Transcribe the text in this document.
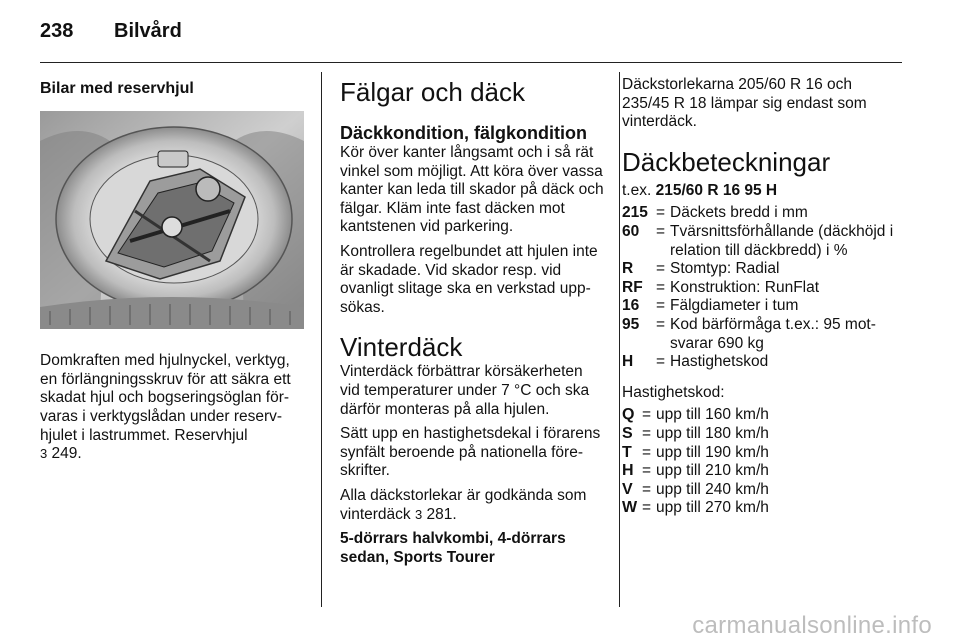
238 Bilvård
Bilar med reservhjul

Domkraften med hjulnyckel, verktyg, en förlängningsskruv för att säkra ett skadat hjul och bogseringsöglan förvaras i verktygslådan under reservhjulet i lastrummet. Reservhjul
3 249.

Fälgar och däck
Däckkondition, fälgkondition

Kör över kanter långsamt och i så rät vinkel som möjligt. Att köra över vassa kanter kan leda till skador på däck och fälgar. Kläm inte fast däcken mot kantstenen vid parkering.

Kontrollera regelbundet att hjulen inte är skadade. Vid skador resp. vid ovanligt slitage ska en verkstad uppsökas.

Vinterdäck

Vinterdäck förbättrar körsäkerheten vid temperaturer under 7 °C och ska därför monteras på alla hjulen.

Sätt upp en hastighetsdekal i förarens synfält beroende på nationella föreskrifter.

Alla däckstorlekar är godkända som vinterdäck 3 281.

5-dörrars halvkombi, 4-dörrars sedan, Sports Tourer

Däckstorlekarna 205/60 R 16 och 235/45 R 18 lämpar sig endast som vinterdäck.

Däckbeteckningar

t.ex. 215/60 R 16 95 H

215 = Däckets bredd i mm
60	= Tvärsnittsförhållande (däckhöjd i relation till däckbredd) i %
R	= Stomtyp: Radial
RF = Konstruktion: RunFlat
16	= Fälgdiameter i tum
95	= Kod bärförmåga t.ex.: 95 motsvarar 690 kg
H	= Hastighetskod

Hastighetskod:

Q = upp till 160 km/h
S = upp till 180 km/h
T = upp till 190 km/h
H = upp till 210 km/h
V = upp till 240 km/h
W = upp till 270 km/h
carmanualsonline.info
